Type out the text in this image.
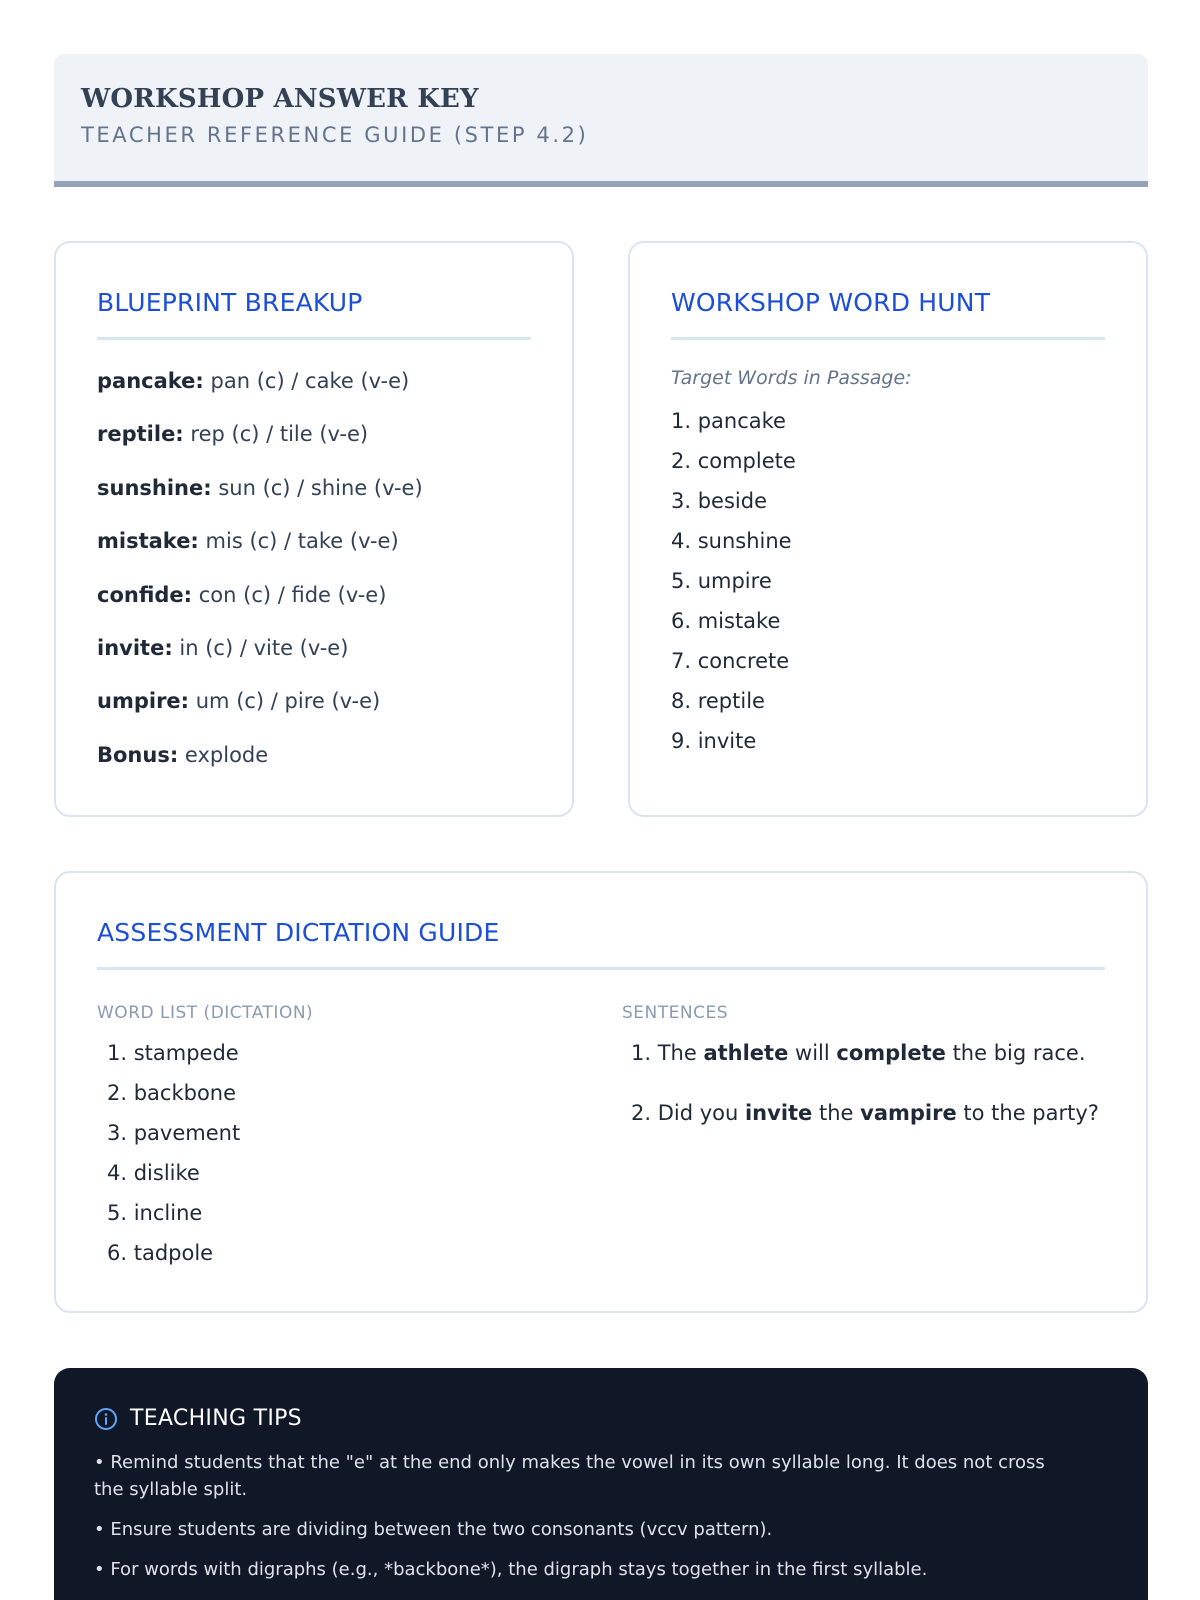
WORKSHOP ANSWER KEY
TEACHER REFERENCE GUIDE (STEP 4.2)
BLUEPRINT BREAKUP
pancake: pan (c) / cake (v-e)
reptile: rep (c) / tile (v-e)
sunshine: sun (c) / shine (v-e)
mistake: mis (c) / take (v-e)
confide: con (c) / fide (v-e)
invite: in (c) / vite (v-e)
umpire: um (c) / pire (v-e)
Bonus: explode
WORKSHOP WORD HUNT
Target Words in Passage:
1. pancake
2. complete
3. beside
4. sunshine
5. umpire
6. mistake
7. concrete
8. reptile
9. invite
ASSESSMENT DICTATION GUIDE
WORD LIST (DICTATION)
1. stampede
2. backbone
3. pavement
4. dislike
5. incline
6. tadpole
SENTENCES
1. The athlete will complete the big race.
2. Did you invite the vampire to the party?
TEACHING TIPS
• Remind students that the "e" at the end only makes the vowel in its own syllable long. It does not cross the syllable split.
• Ensure students are dividing between the two consonants (vccv pattern).
• For words with digraphs (e.g., *backbone*), the digraph stays together in the first syllable.
